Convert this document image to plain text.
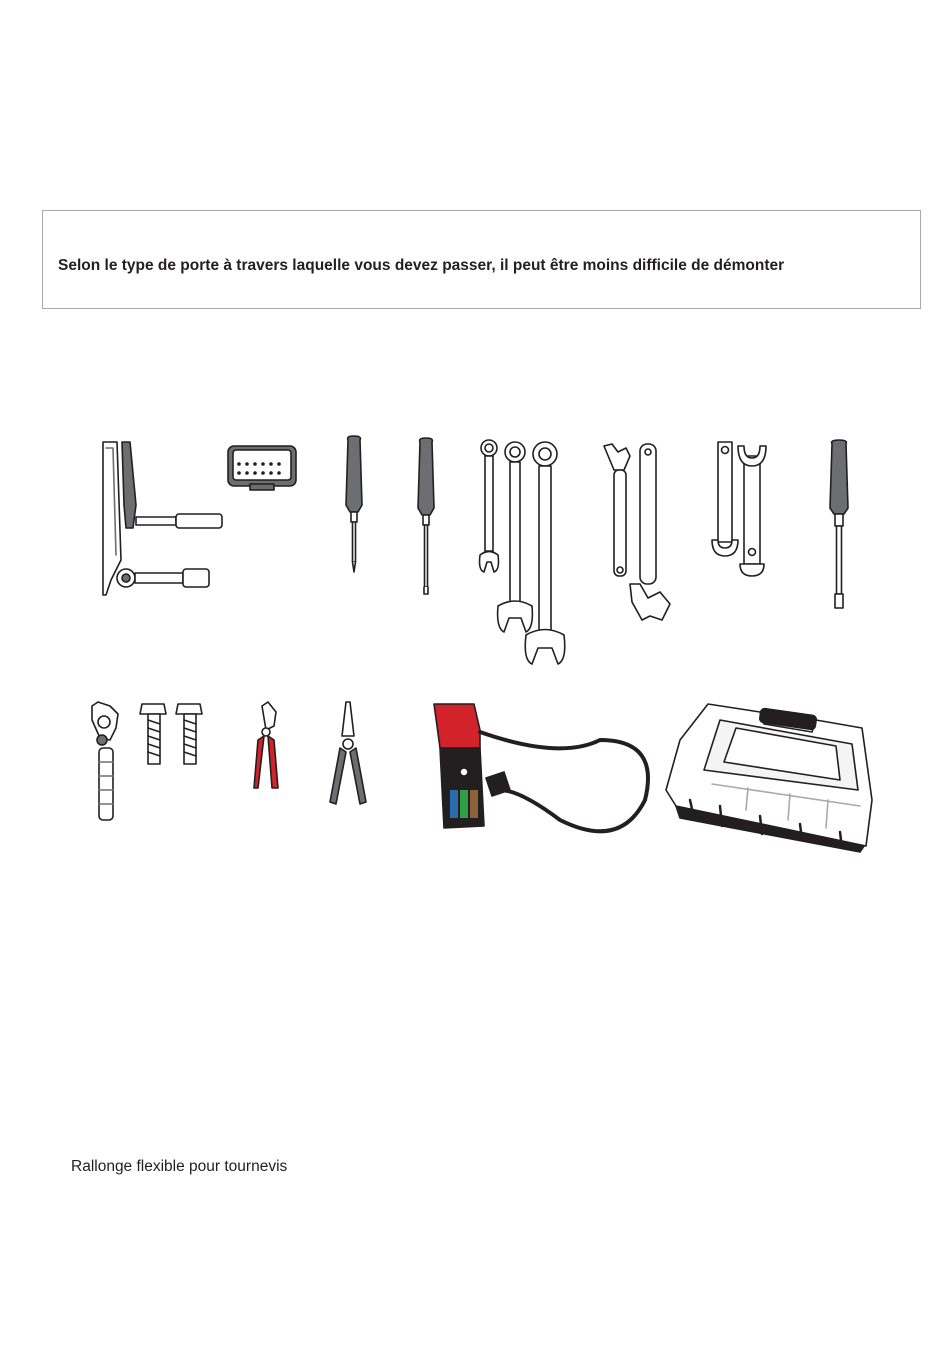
Selon le type de porte à travers laquelle vous devez passer, il peut être moins difficile de démonter
Rallonge flexible pour tournevis
